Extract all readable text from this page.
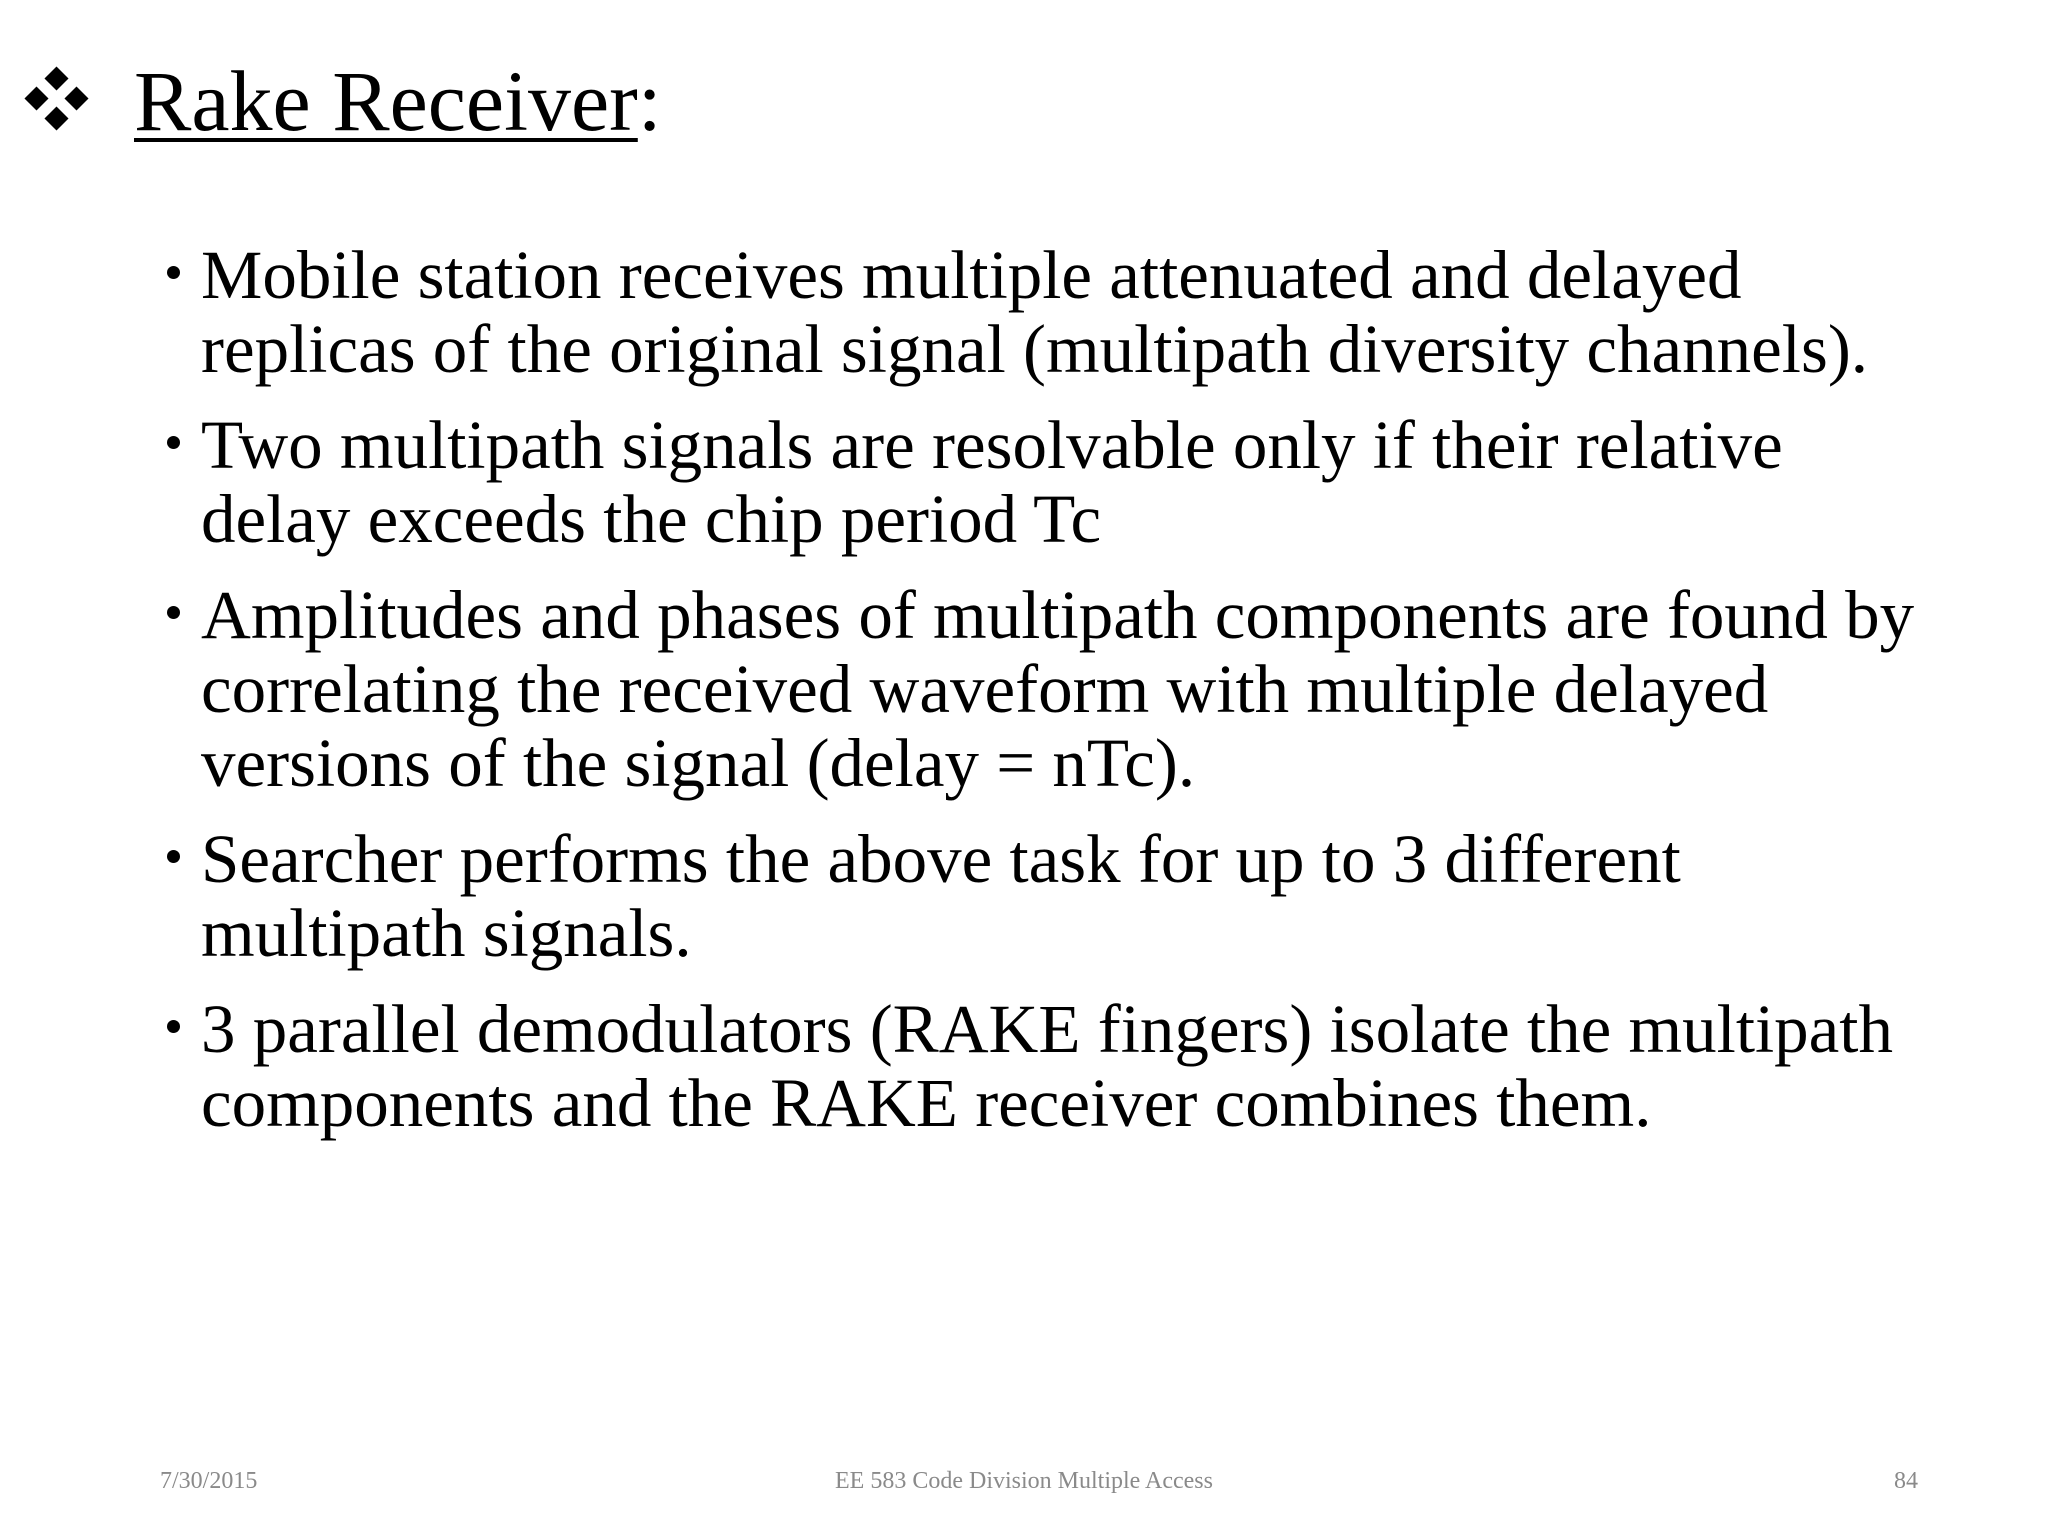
Rake Receiver:
Mobile station receives multiple attenuated and delayed replicas of the original signal (multipath diversity channels).
Two multipath signals are resolvable only if their relative delay exceeds the chip period Tc
Amplitudes and phases of multipath components are found by correlating the received waveform with multiple delayed versions of the signal (delay = nTc).
Searcher performs the above task for up to 3 different multipath signals.
3 parallel demodulators (RAKE fingers) isolate the multipath components and the RAKE receiver combines them.
7/30/2015	EE 583 Code Division Multiple Access	84
